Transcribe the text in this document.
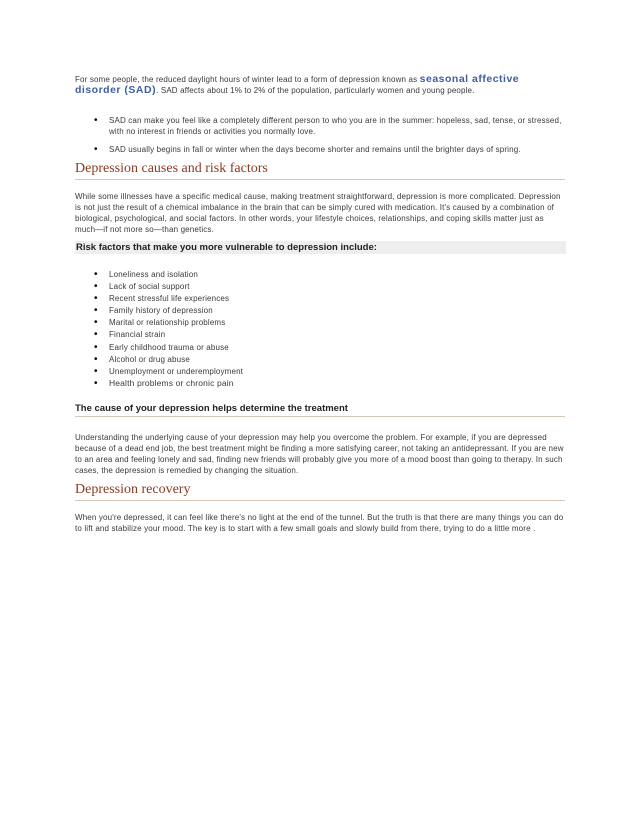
For some people, the reduced daylight hours of winter lead to a form of depression known as seasonal affective disorder (SAD). SAD affects about 1% to 2% of the population, particularly women and young people.
• SAD can make you feel like a completely different person to who you are in the summer: hopeless, sad, tense, or stressed, with no interest in friends or activities you normally love.
• SAD usually begins in fall or winter when the days become shorter and remains until the brighter days of spring.
Depression causes and risk factors
While some illnesses have a specific medical cause, making treatment straightforward, depression is more complicated. Depression is not just the result of a chemical imbalance in the brain that can be simply cured with medication. It's caused by a combination of biological, psychological, and social factors. In other words, your lifestyle choices, relationships, and coping skills matter just as much—if not more so—than genetics.
Risk factors that make you more vulnerable to depression include:
• Loneliness and isolation
• Lack of social support
• Recent stressful life experiences
• Family history of depression
• Marital or relationship problems
• Financial strain
• Early childhood trauma or abuse
• Alcohol or drug abuse
• Unemployment or underemployment
• Health problems or chronic pain
The cause of your depression helps determine the treatment
Understanding the underlying cause of your depression may help you overcome the problem. For example, if you are depressed because of a dead end job, the best treatment might be finding a more satisfying career, not taking an antidepressant. If you are new to an area and feeling lonely and sad, finding new friends will probably give you more of a mood boost than going to therapy. In such cases, the depression is remedied by changing the situation.
Depression recovery
When you're depressed, it can feel like there's no light at the end of the tunnel. But the truth is that there are many things you can do to lift and stabilize your mood. The key is to start with a few small goals and slowly build from there, trying to do a little more .
